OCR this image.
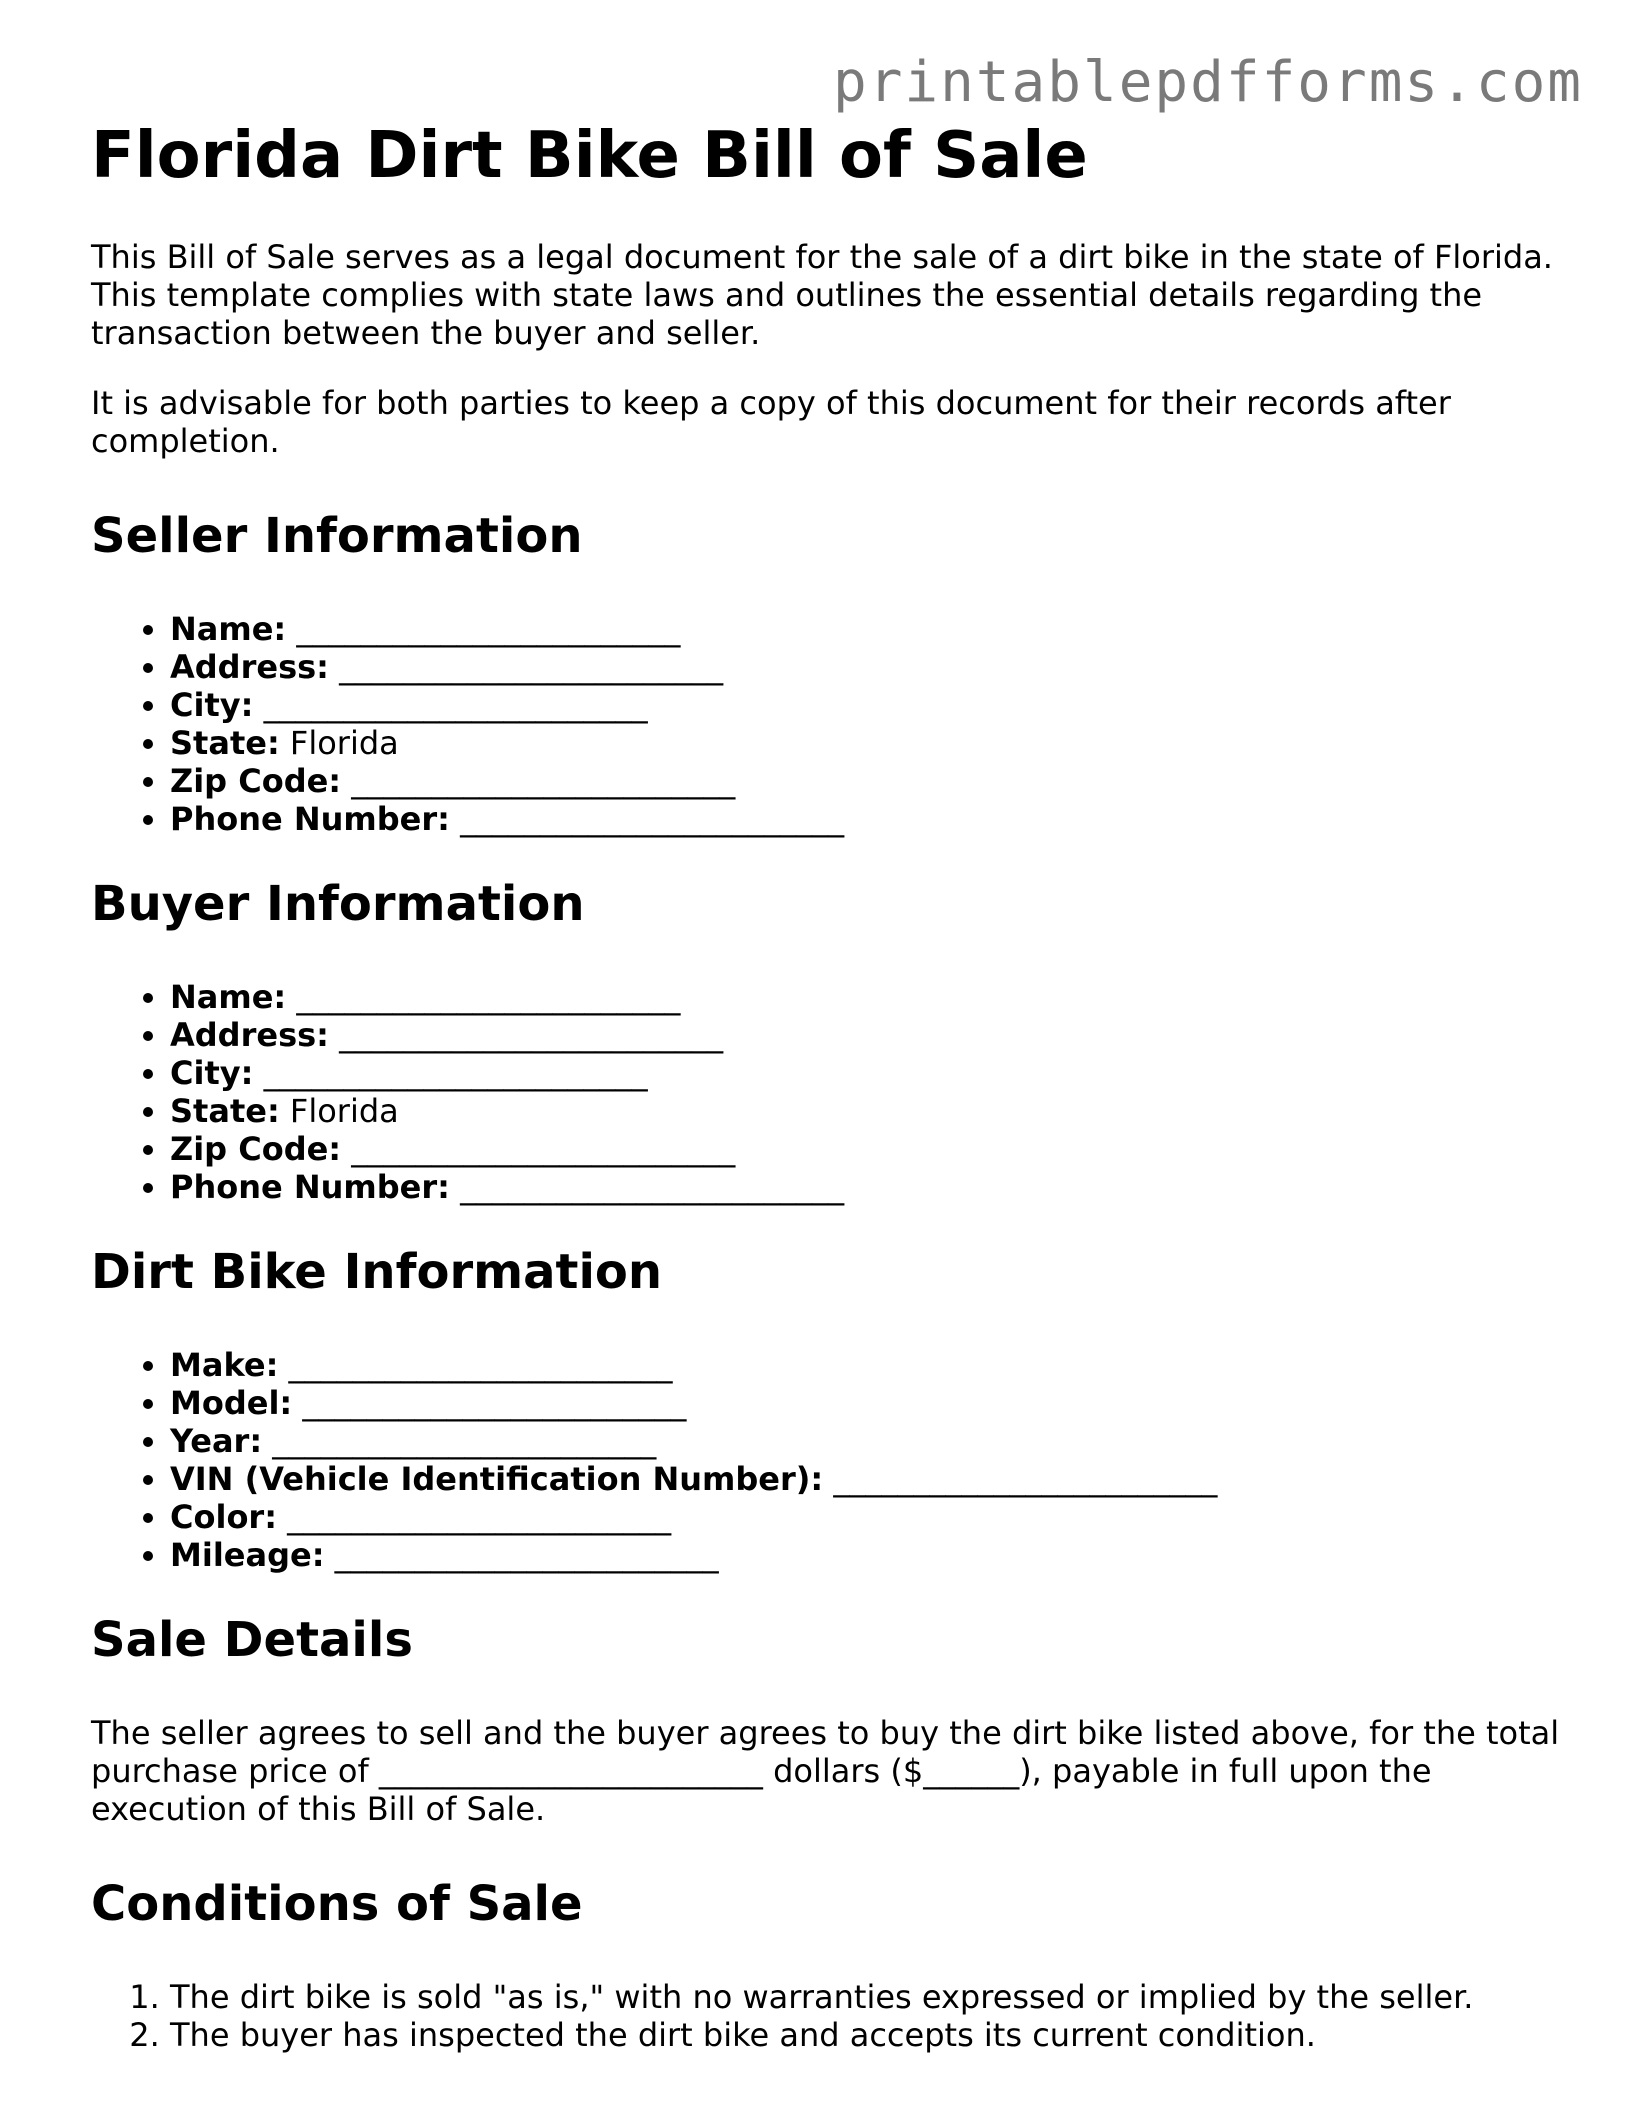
printablepdfforms.com
Florida Dirt Bike Bill of Sale

This Bill of Sale serves as a legal document for the sale of a dirt bike in the state of Florida. This template complies with state laws and outlines the essential details regarding the transaction between the buyer and seller.

It is advisable for both parties to keep a copy of this document for their records after completion.

Seller Information
• Name: ________________________
• Address: ________________________
• City: ________________________
• State: Florida
• Zip Code: ________________________
• Phone Number: ________________________
Buyer Information
• Name: ________________________
• Address: ________________________
• City: ________________________
• State: Florida
• Zip Code: ________________________
• Phone Number: ________________________
Dirt Bike Information
• Make: ________________________
• Model: ________________________
• Year: ________________________
• VIN (Vehicle Identification Number): ________________________
• Color: ________________________
• Mileage: ________________________
Sale Details

The seller agrees to sell and the buyer agrees to buy the dirt bike listed above, for the total purchase price of ________________________ dollars ($______), payable in full upon the execution of this Bill of Sale.

Conditions of Sale
1. The dirt bike is sold "as is," with no warranties expressed or implied by the seller.
2. The buyer has inspected the dirt bike and accepts its current condition.
